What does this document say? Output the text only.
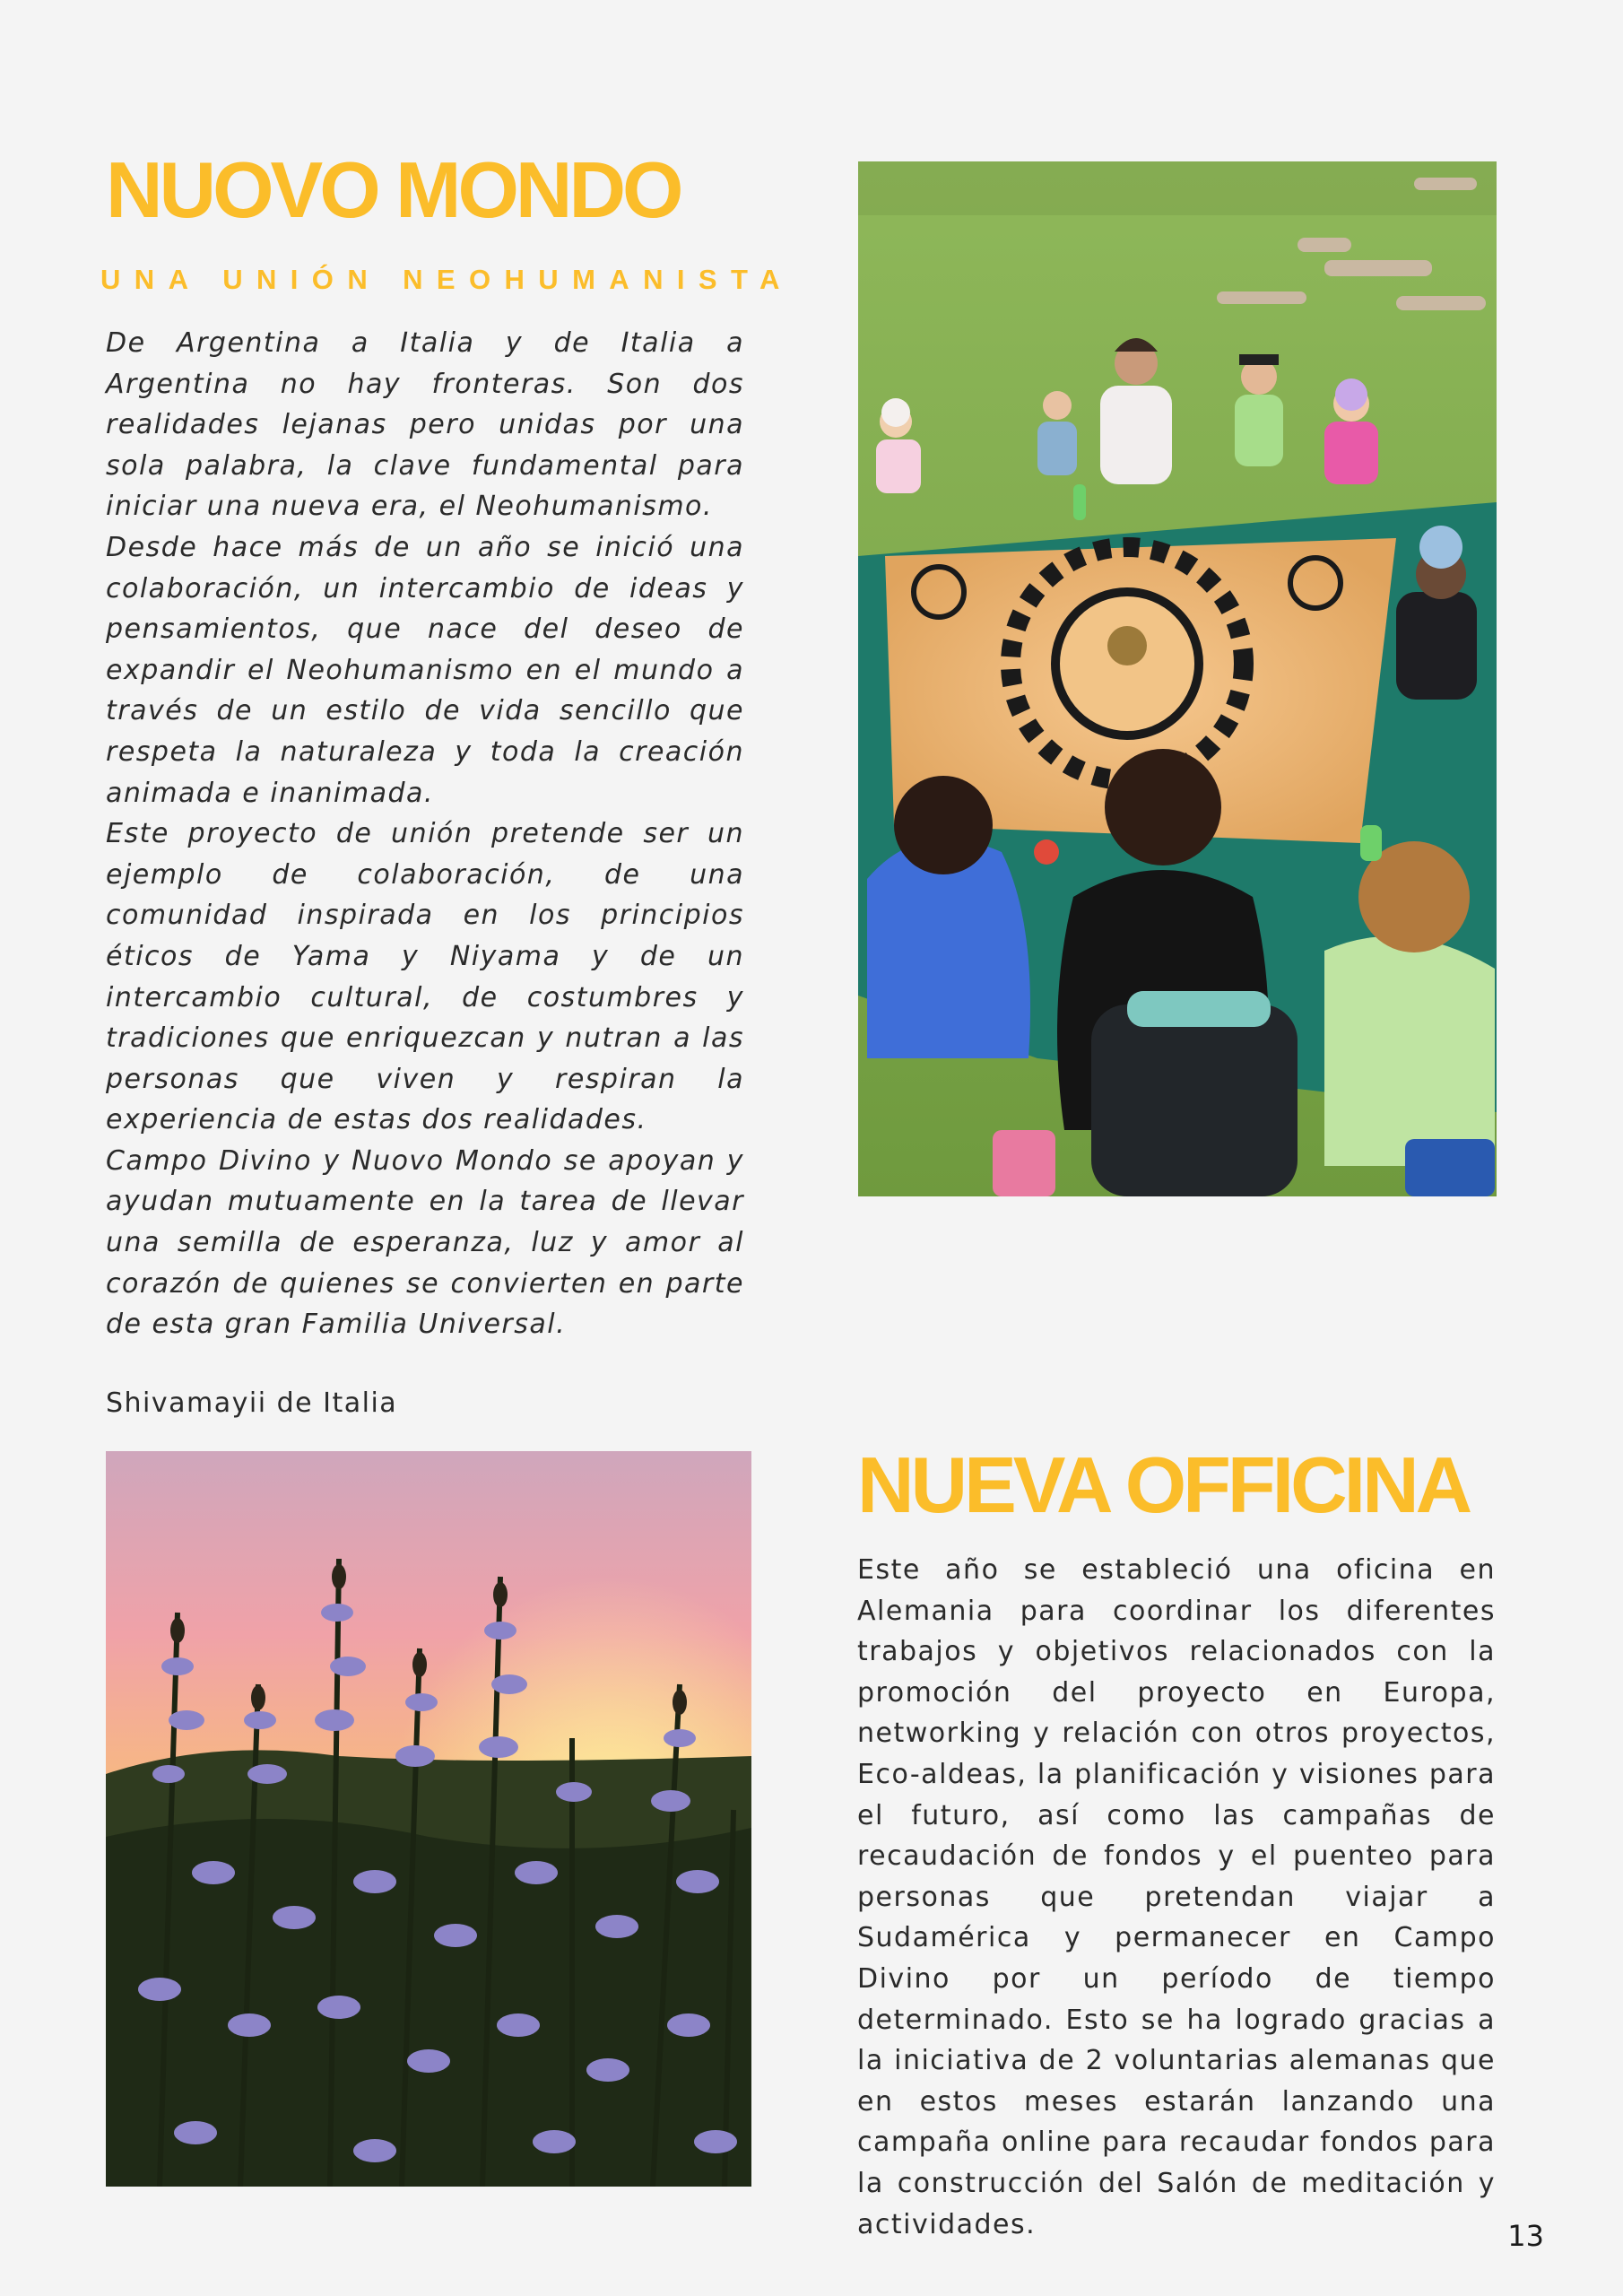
NUOVO MONDO
UNA UNIÓN NEOHUMANISTA

De Argentina a Italia y de Italia a Argentina no hay fronteras. Son dos realidades lejanas pero unidas por una sola palabra, la clave fundamental para iniciar una nueva era, el Neohumanismo.

Desde hace más de un año se inició una colaboración, un intercambio de ideas y pensamientos, que nace del deseo de expandir el Neohumanismo en el mundo a través de un estilo de vida sencillo que respeta la naturaleza y toda la creación animada e inanimada.

Este proyecto de unión pretende ser un ejemplo de colaboración, de una comunidad inspirada en los principios éticos de Yama y Niyama y de un intercambio cultural, de costumbres y tradiciones que enriquezcan y nutran a las personas que viven y respiran la experiencia de estas dos realidades.

Campo Divino y Nuovo Mondo se apoyan y ayudan mutuamente en la tarea de llevar una semilla de esperanza, luz y amor al corazón de quienes se convierten en parte de esta gran Familia Universal.

Shivamayii de Italia
NUEVA OFFICINA

Este año se estableció una oficina en Alemania para coordinar los diferentes trabajos y objetivos relacionados con la promoción del proyecto en Europa, networking y relación con otros proyectos, Eco-aldeas, la planificación y visiones para el futuro, así como las campañas de recaudación de fondos y el puenteo para personas que pretendan viajar a Sudamérica y permanecer en Campo Divino por un período de tiempo determinado. Esto se ha logrado gracias a la iniciativa de 2 voluntarias alemanas que en estos meses estarán lanzando una campaña online para recaudar fondos para la construcción del Salón de meditación y actividades.	13
